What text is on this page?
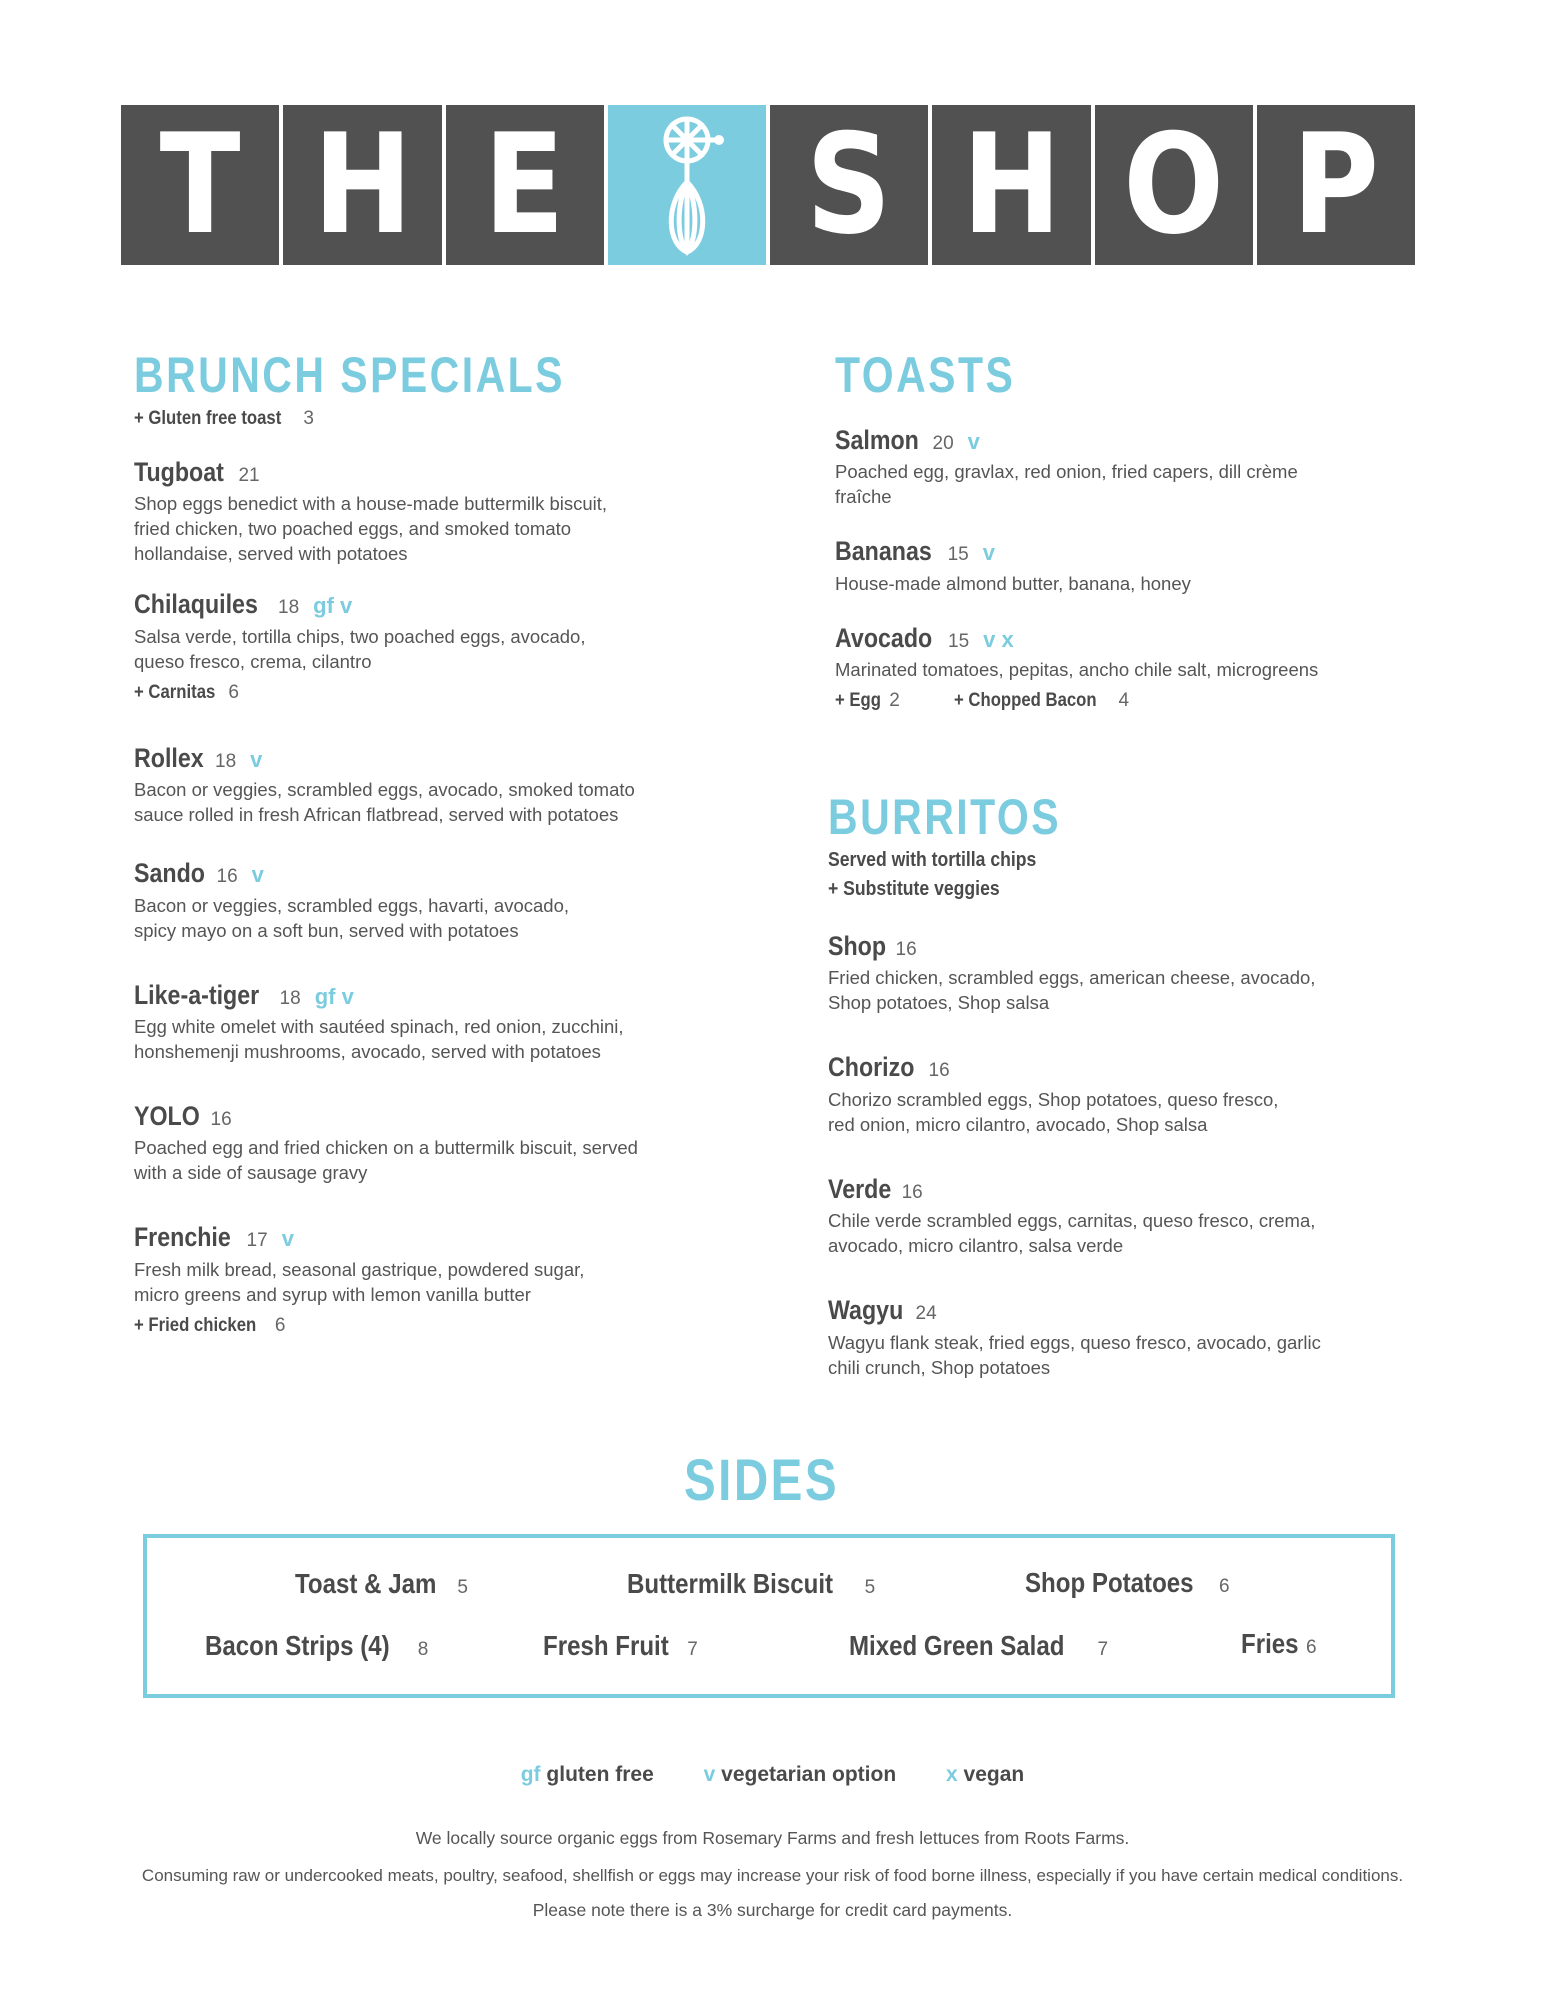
T H E S H O P
BRUNCH SPECIALS
+ Gluten free toast 3
Tugboat 21
Shop eggs benedict with a house-made buttermilk biscuit,
fried chicken, two poached eggs, and smoked tomato
hollandaise, served with potatoes
Chilaquiles 18 gf v
Salsa verde, tortilla chips, two poached eggs, avocado,
queso fresco, crema, cilantro
+ Carnitas 6
Rollex 18 v
Bacon or veggies, scrambled eggs, avocado, smoked tomato
sauce rolled in fresh African flatbread, served with potatoes
Sando 16 v
Bacon or veggies, scrambled eggs, havarti, avocado,
spicy mayo on a soft bun, served with potatoes
Like-a-tiger 18 gf v
Egg white omelet with sautéed spinach, red onion, zucchini,
honshemenji mushrooms, avocado, served with potatoes
YOLO 16
Poached egg and fried chicken on a buttermilk biscuit, served
with a side of sausage gravy
Frenchie 17 v
Fresh milk bread, seasonal gastrique, powdered sugar,
micro greens and syrup with lemon vanilla butter
+ Fried chicken 6
TOASTS
Salmon 20 v
Poached egg, gravlax, red onion, fried capers, dill crème
fraîche
Bananas 15 v
House-made almond butter, banana, honey
Avocado 15 v x
Marinated tomatoes, pepitas, ancho chile salt, microgreens
+ Egg 2	+ Chopped Bacon 4
BURRITOS
Served with tortilla chips
+ Substitute veggies
Shop 16
Fried chicken, scrambled eggs, american cheese, avocado,
Shop potatoes, Shop salsa
Chorizo 16
Chorizo scrambled eggs, Shop potatoes, queso fresco,
red onion, micro cilantro, avocado, Shop salsa
Verde 16
Chile verde scrambled eggs, carnitas, queso fresco, crema,
avocado, micro cilantro, salsa verde
Wagyu 24
Wagyu flank steak, fried eggs, queso fresco, avocado, garlic
chili crunch, Shop potatoes
SIDES
Toast & Jam 5	Buttermilk Biscuit 5	Shop Potatoes 6
Bacon Strips (4) 8	Fresh Fruit 7	Mixed Green Salad 7	Fries 6
gf gluten free v vegetarian option x vegan
We locally source organic eggs from Rosemary Farms and fresh lettuces from Roots Farms.
Consuming raw or undercooked meats, poultry, seafood, shellfish or eggs may increase your risk of food borne illness, especially if you have certain medical conditions.
Please note there is a 3% surcharge for credit card payments.
